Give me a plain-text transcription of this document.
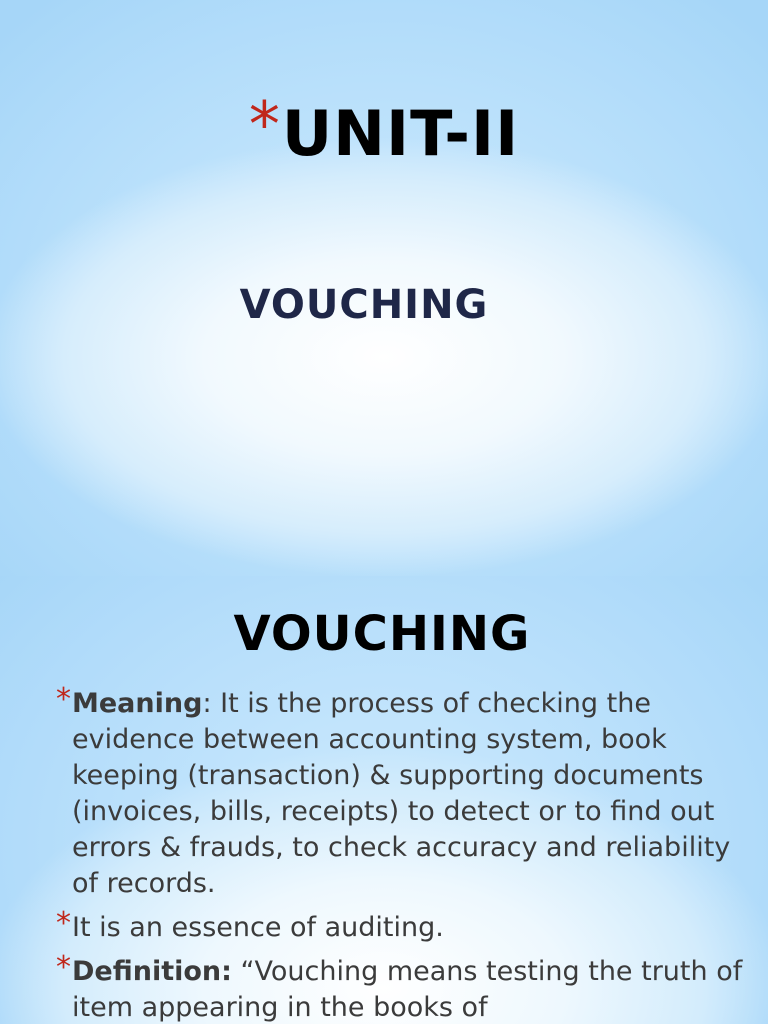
* UNIT-II
VOUCHING
VOUCHING
* Meaning: It is the process of checking the evidence between accounting system, book keeping (transaction) & supporting documents (invoices, bills, receipts) to detect or to find out errors & frauds, to check accuracy and reliability of records.
* It is an essence of auditing.
* Definition: “Vouching means testing the truth of item appearing in the books of
